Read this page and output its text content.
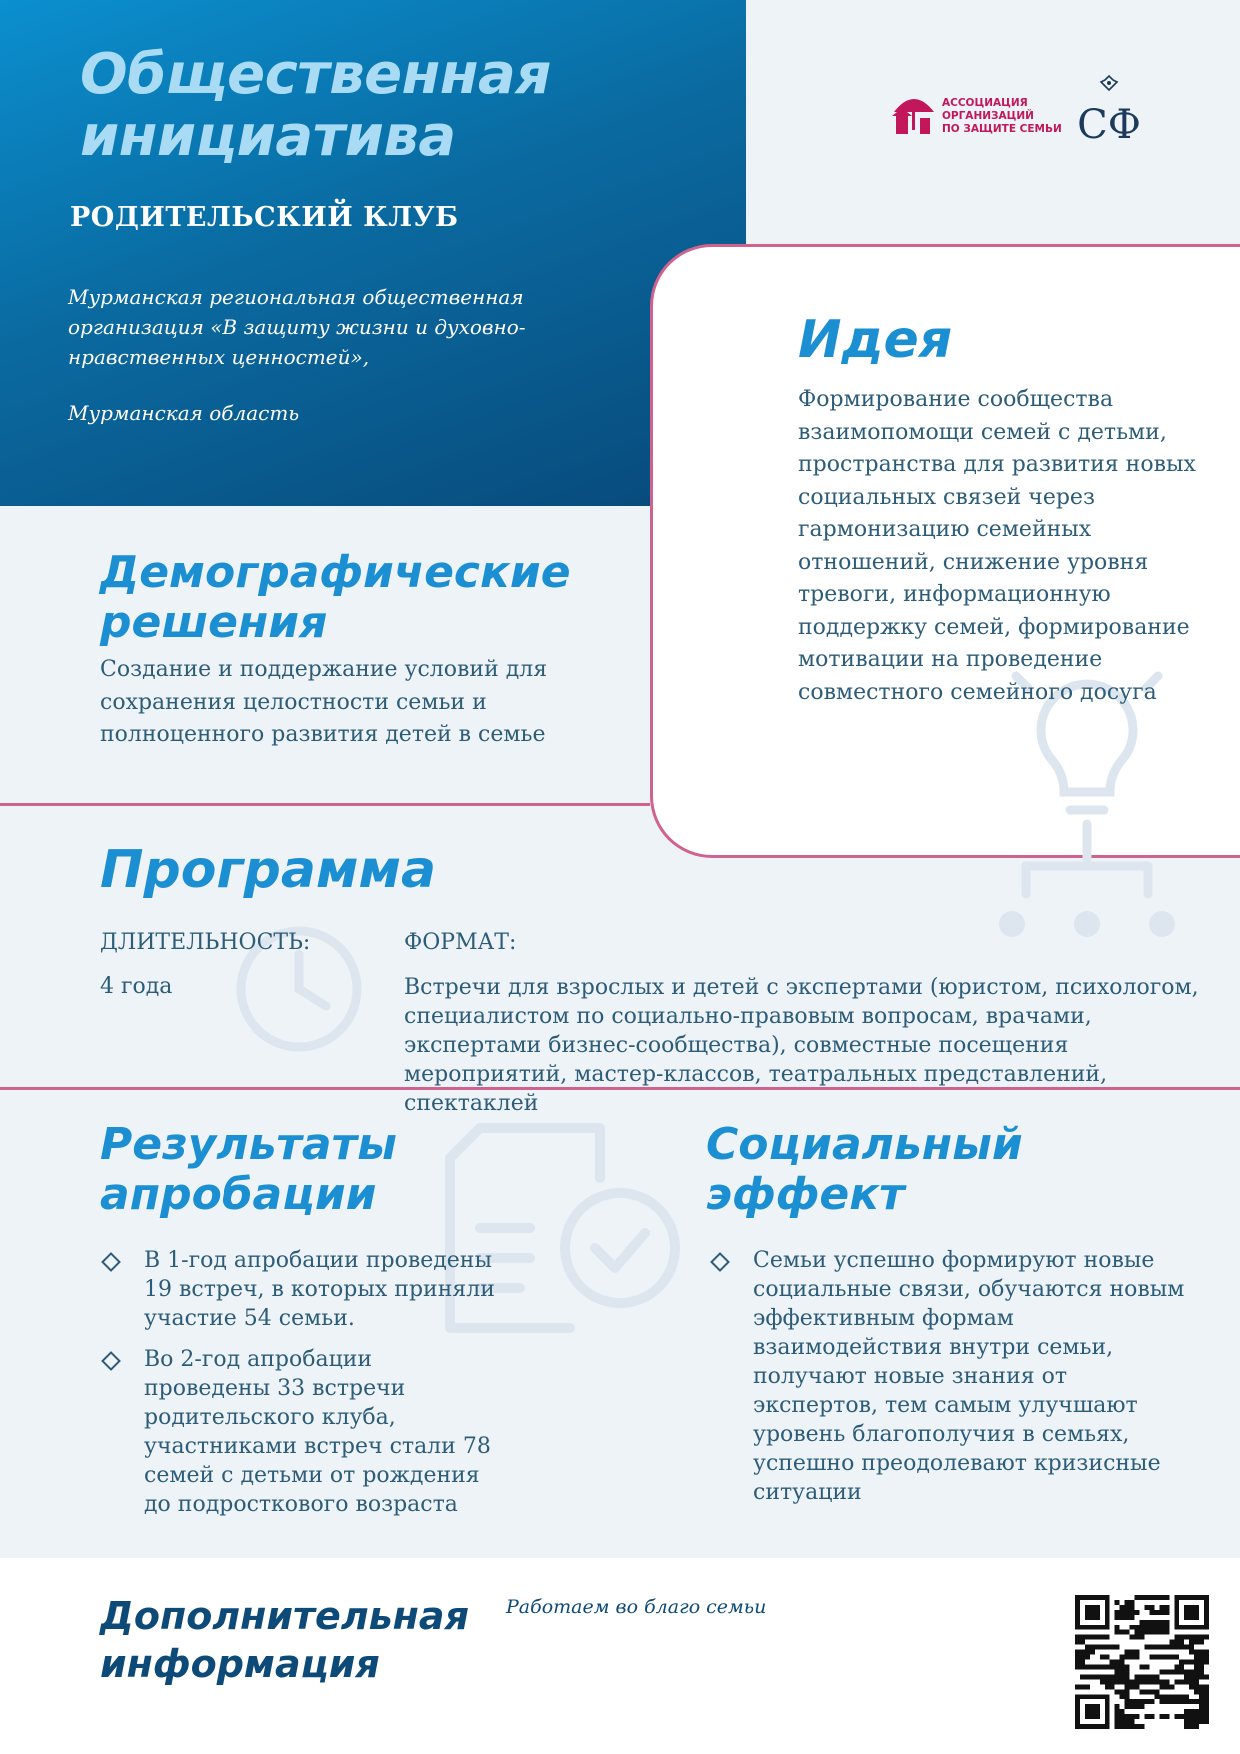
Общественная инициатива
РОДИТЕЛЬСКИЙ КЛУБ
Мурманская региональная общественная организация «В защиту жизни и духовно-нравственных ценностей»,
Мурманская область
АССОЦИАЦИЯ
ОРГАНИЗАЦИЙ
ПО ЗАЩИТЕ СЕМЬИ СФ
Идея
Формирование сообщества взаимопомощи семей с детьми, пространства для развития новых социальных связей через гармонизацию семейных отношений, снижение уровня тревоги, информационную поддержку семей, формирование мотивации на проведение совместного семейного досуга
Демографические решения
Создание и поддержание условий для сохранения целостности семьи и полноценного развития детей в семье
Программа
ДЛИТЕЛЬНОСТЬ:
4 года
ФОРМАТ:
Встречи для взрослых и детей с экспертами (юристом, психологом, специалистом по социально-правовым вопросам, врачами, экспертами бизнес-сообщества), совместные посещения мероприятий, мастер-классов, театральных представлений, спектаклей
Результаты апробации
В 1-год апробации проведены 19 встреч, в которых приняли участие 54 семьи.
Во 2-год апробации проведены 33 встречи родительского клуба, участниками встреч стали 78 семей с детьми от рождения до подросткового возраста
Социальный эффект
Семьи успешно формируют новые социальные связи, обучаются новым эффективным формам взаимодействия внутри семьи, получают новые знания от экспертов, тем самым улучшают уровень благополучия в семьях, успешно преодолевают кризисные ситуации
Дополнительная информация
Работаем во благо семьи
